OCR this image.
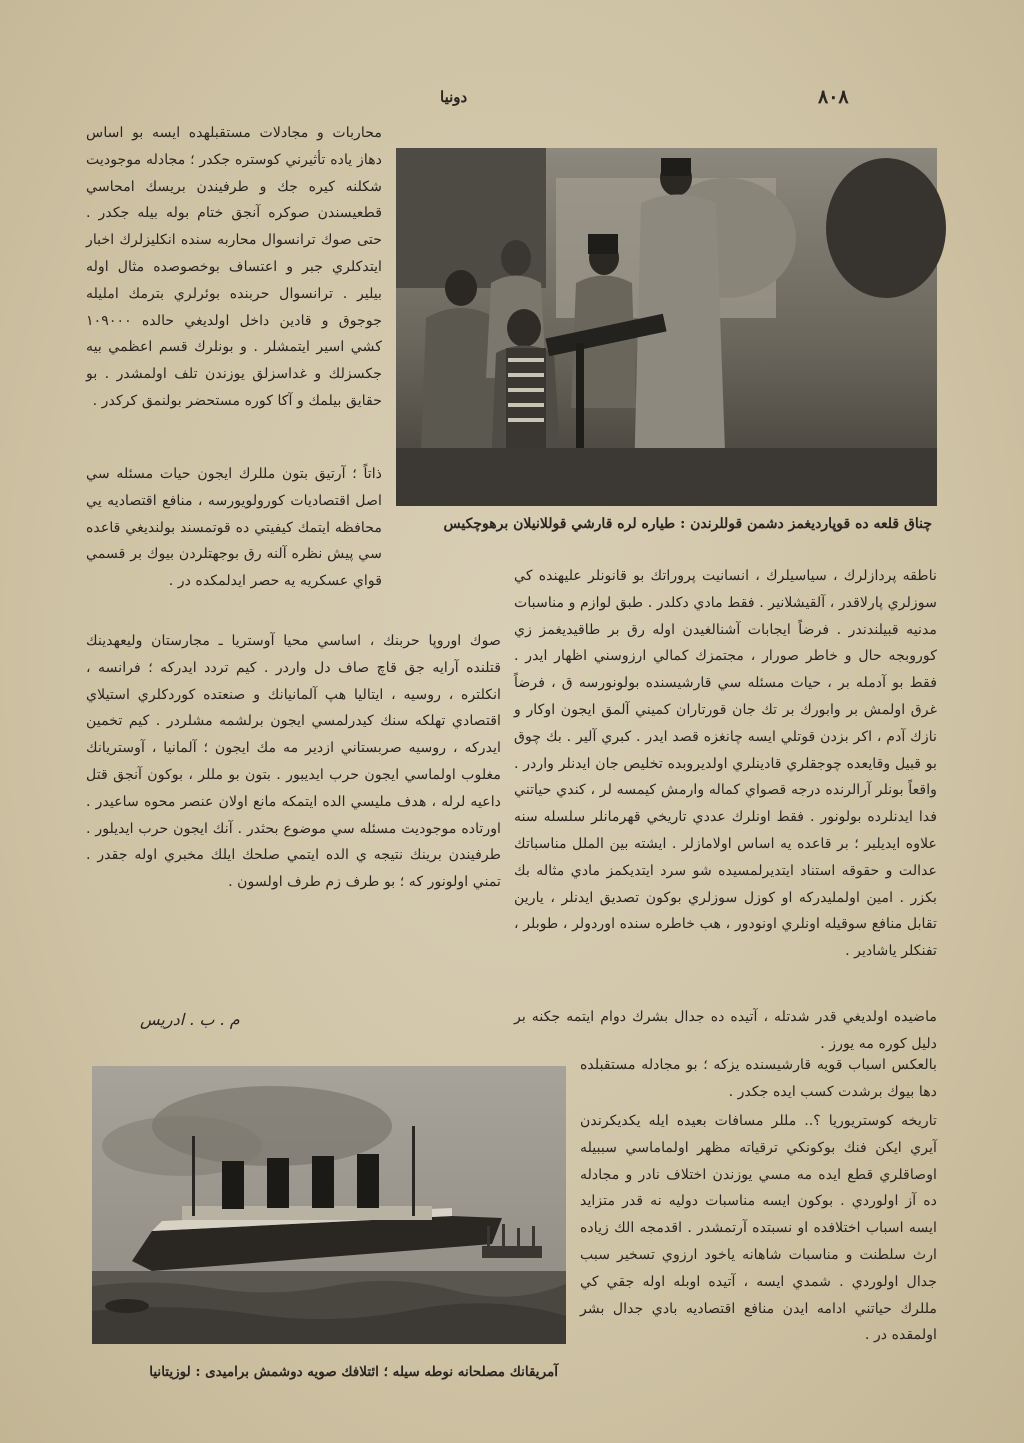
٨٠٨
دونيا

محاربات و مجادلات مستقبلهده ايسه بو اساس دهاز ياده تأثيرني كوستره جكدر ؛ مجادله موجوديت شكلنه كيره جك و طرفيندن بريسك امحاسي قطعيسندن صوكره آنجق ختام بوله بيله جكدر . حتى صوك ترانسوال محاربه سنده انكليزلرك اخبار ايتدكلري جبر و اعتساف بوخصوصده مثال اوله بيلير . ترانسوال حربنده بوئرلري بترمك امليله جوجوق و قادين داخل اولديغي حالده ١٠٩٠٠٠ كشي اسير ايتمشلر . و بونلرك قسم اعظمي بيه جكسزلك و غداسزلق يوزندن تلف اولمشدر . بو حقايق بيلمك و آكا كوره مستحضر بولنمق كركدر .

ذاتاً ؛ آرتيق بتون مللرك ايجون حيات مسئله سي اصل اقتصاديات كورولويورسه ، منافع اقتصاديه يي محافظه ايتمك كيفيتي ده قوتمسند بولنديغي قاعده سي پيش نظره آلنه رق بوجهتلردن بيوك بر قسمي قواي عسكريه يه حصر ايدلمكده در .

صوك اوروپا حربنك ، اساسي محيا آوستريا ـ مجارستان وليعهدينك قتلنده آرايه جق قاچ صاف دل واردر . كيم تردد ايدركه ؛ فرانسه ، انكلتره ، روسيه ، ايتاليا هپ آلمانيانك و صنعتده كوردكلري استيلاي اقتصادي تهلكه سنك كيدرلمسي ايجون برلشمه مشلردر . كيم تخمين ايدركه ، روسيه صربستاني ازدير مه مك ايجون ؛ آلمانيا ، آوستريانك مغلوب اولماسي ايجون حرب ايديبور . بتون بو مللر ، بوكون آنجق قتل داعيه لرله ، هدف مليسي الده ايتمكه مانع اولان عنصر محوه ساعيدر . اورتاده موجوديت مسئله سي موضوع بحثدر . آنك ايجون حرب ايديلور . طرفيندن برينك نتيجه ي الده ايتمي صلحك ايلك مخبري اوله جقدر . تمني اولونور كه ؛ بو طرف زم طرف اولسون .

م . ب . ادريس
چناق قلعه ده قوپارديغمز دشمن قوللرندن : طياره لره قارشي قوللانيلان برهوچكيس

ناطقه پردازلرك ، سياسيلرك ، انسانيت پروراتك بو قانونلر عليهنده كي سوزلري پارلاقدر ، آلقيشلانير . فقط مادي دكلدر . طبق لوازم و مناسبات مدنيه قبيلندندر . فرضاً ايجابات آشنالغيدن اوله رق بر طاقيديغمز زي كوروبجه حال و خاطر صورار ، مجتمزك كمالي ارزوسني اظهار ايدر . فقط بو آدمله بر ، حيات مسئله سي قارشيسنده بولونورسه ق ، فرضاً غرق اولمش بر وابورك بر تك جان قورتاران كميني آلمق ايجون اوكار و نازك آدم ، اكر بزدن قوتلي ايسه چانغزه قصد ايدر . كبري آلير . بك چوق بو قبيل وقايعده چوجقلري قادينلري اولديروبده تخليص جان ايدنلر واردر . واقعاً بونلر آرالرنده درجه قصواي كماله وارمش كيمسه لر ، كندي حياتني فدا ايدنلرده بولونور . فقط اونلرك عددي تاريخي قهرمانلر سلسله سنه علاوه ايديلير ؛ بر قاعده يه اساس اولامازلر . ايشته بين الملل مناسباتك عدالت و حقوقه استناد ايتديرلمسيده شو سرد ايتديكمز مادي مثاله بك بكزر . امين اولمليدركه او كوزل سوزلري بوكون تصديق ايدنلر ، يارين تقابل منافع سوقيله اونلري اونودور ، هب خاطره سنده اوردولر ، طوبلر ، تفنكلر ياشادير .

ماضيده اولديغي قدر شدتله ، آتيده ده جدال بشرك دوام ايتمه جكنه بر دليل كوره مه يورز .

بالعكس اسباب قويه قارشيسنده يزكه ؛ بو مجادله مستقبلده دها بيوك برشدت كسب ايده جكدر .

تاريخه كوستريوريا ؟.. مللر مسافات بعيده ايله يكديكرندن آيري ايكن فنك بوكونكي ترقياته مظهر اولماماسي سببيله اوصاقلري قطع ايده مه مسي يوزندن اختلاف نادر و مجادله ده آز اولوردي . بوكون ايسه مناسبات دوليه نه قدر متزايد ايسه اسباب اختلافده او نسبتده آرتمشدر . اقدمجه الك زياده ارث سلطنت و مناسبات شاهانه ياخود ارزوي تسخير سبب جدال اولوردي . شمدي ايسه ، آتيده اوبله اوله جقي كي مللرك حياتني ادامه ايدن منافع اقتصاديه بادي جدال بشر اولمقده در .

آمريقانك مصلحانه نوطه سيله ؛ ائتلافك صويه دوشمش برامیدی : لوزيتانيا
